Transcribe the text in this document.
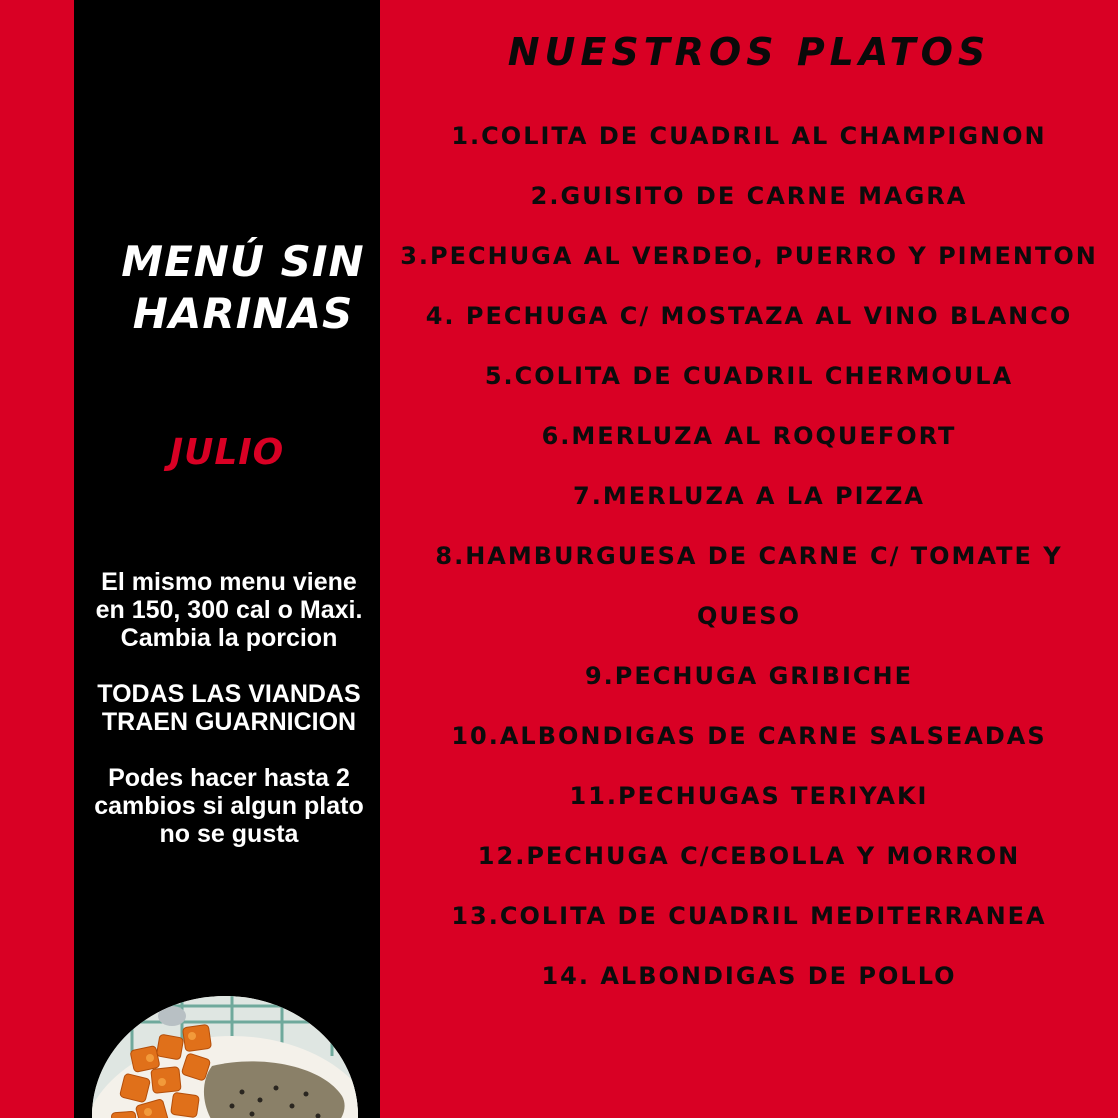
MENÚ SIN
HARINAS
JULIO

El mismo menu viene en 150, 300 cal o Maxi. Cambia la porcion

TODAS LAS VIANDAS TRAEN GUARNICION

Podes hacer hasta 2 cambios si algun plato no se gusta

NUESTROS PLATOS
1.COLITA DE CUADRIL AL CHAMPIGNON
2.GUISITO DE CARNE MAGRA
3.PECHUGA AL VERDEO, PUERRO Y PIMENTON
4. PECHUGA C/ MOSTAZA AL VINO BLANCO
5.COLITA DE CUADRIL CHERMOULA
6.MERLUZA AL ROQUEFORT
7.MERLUZA A LA PIZZA
8.HAMBURGUESA DE CARNE C/ TOMATE Y
QUESO
9.PECHUGA GRIBICHE
10.ALBONDIGAS DE CARNE SALSEADAS
11.PECHUGAS TERIYAKI
12.PECHUGA C/CEBOLLA Y MORRON
13.COLITA DE CUADRIL MEDITERRANEA
14. ALBONDIGAS DE POLLO
